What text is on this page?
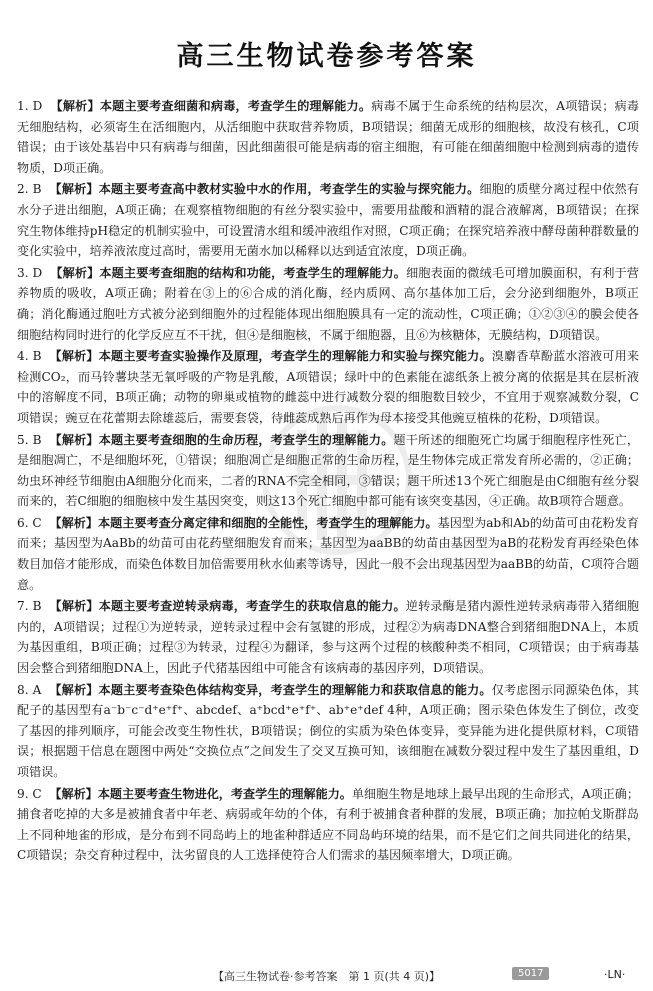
高三生物试卷参考答案

1. D 【解析】本题主要考查细菌和病毒，考查学生的理解能力。病毒不属于生命系统的结构层次，A项错误；病毒无细胞结构，必须寄生在活细胞内，从活细胞中获取营养物质，B项错误；细菌无成形的细胞核，故没有核孔，C项错误；由于该处基岩中只有病毒与细菌，因此细菌很可能是病毒的宿主细胞，有可能在细菌细胞中检测到病毒的遗传物质，D项正确。

2. B 【解析】本题主要考查高中教材实验中水的作用，考查学生的实验与探究能力。细胞的质壁分离过程中依然有水分子进出细胞，A项正确；在观察植物细胞的有丝分裂实验中，需要用盐酸和酒精的混合液解离，B项错误；在探究生物体维持pH稳定的机制实验中，可设置清水组和缓冲液组作对照，C项正确；在探究培养液中酵母菌种群数量的变化实验中，培养液浓度过高时，需要用无菌水加以稀释以达到适宜浓度，D项正确。

3. D 【解析】本题主要考查细胞的结构和功能，考查学生的理解能力。细胞表面的微绒毛可增加膜面积，有利于营养物质的吸收，A项正确；附着在③上的⑥合成的消化酶，经内质网、高尔基体加工后，会分泌到细胞外，B项正确；消化酶通过胞吐方式被分泌到细胞外的过程能体现出细胞膜具有一定的流动性，C项正确；①②③④的膜会使各细胞结构同时进行的化学反应互不干扰，但④是细胞核，不属于细胞器，且⑥为核糖体，无膜结构，D项错误。

4. B 【解析】本题主要考查实验操作及原理，考查学生的理解能力和实验与探究能力。溴麝香草酚蓝水溶液可用来检测CO₂，而马铃薯块茎无氧呼吸的产物是乳酸，A项错误；绿叶中的色素能在滤纸条上被分离的依据是其在层析液中的溶解度不同，B项正确；动物的卵巢或植物的雌蕊中进行减数分裂的细胞数目较少，不宜用于观察减数分裂，C项错误；豌豆在花蕾期去除雄蕊后，需要套袋，待雌蕊成熟后再作为母本接受其他豌豆植株的花粉，D项错误。

5. B 【解析】本题主要考查细胞的生命历程，考查学生的理解能力。题干所述的细胞死亡均属于细胞程序性死亡，是细胞凋亡，不是细胞坏死，①错误；细胞凋亡是细胞正常的生命历程，是生物体完成正常发育所必需的，②正确；幼虫环神经节细胞由A细胞分化而来，二者的RNA不完全相同，③错误；题干所述13个死亡细胞是由C细胞有丝分裂而来的，若C细胞的细胞核中发生基因突变，则这13个死亡细胞中都可能有该突变基因，④正确。故B项符合题意。

6. C 【解析】本题主要考查分离定律和细胞的全能性，考查学生的理解能力。基因型为ab和Ab的幼苗可由花粉发育而来；基因型为AaBb的幼苗可由花药壁细胞发育而来；基因型为aaBB的幼苗由基因型为aB的花粉发育再经染色体数目加倍才能形成，而染色体数目加倍需要用秋水仙素等诱导，因此一般不会出现基因型为aaBB的幼苗，C项符合题意。

7. B 【解析】本题主要考查逆转录病毒，考查学生的获取信息的能力。逆转录酶是猪内源性逆转录病毒带入猪细胞内的，A项错误；过程①为逆转录，逆转录过程中会有氢键的形成，过程②为病毒DNA整合到猪细胞DNA上，本质为基因重组，B项正确；过程③为转录，过程④为翻译，参与这两个过程的核酸种类不相同，C项错误；由于病毒基因会整合到猪细胞DNA上，因此子代猪基因组中可能含有该病毒的基因序列，D项错误。

8. A 【解析】本题主要考查染色体结构变异，考查学生的理解能力和获取信息的能力。仅考虑图示同源染色体，其配子的基因型有a⁻b⁻c⁻d⁺e⁺f⁺、abcdef、a⁺bcd⁺e⁺f⁺、ab⁺e⁺def 4种，A项正确；图示染色体发生了倒位，改变了基因的排列顺序，可能会改变生物性状，B项错误；倒位的实质为染色体变异，变异能为进化提供原材料，C项错误；根据题干信息在题图中两处“交换位点”之间发生了交叉互换可知，该细胞在减数分裂过程中发生了基因重组，D项错误。

9. C 【解析】本题主要考查生物进化，考查学生的理解能力。单细胞生物是地球上最早出现的生命形式，A项正确；捕食者吃掉的大多是被捕食者中年老、病弱或年幼的个体，有利于被捕食者种群的发展，B项正确；加拉帕戈斯群岛上不同种地雀的形成，是分布到不同岛屿上的地雀种群适应不同岛屿环境的结果，而不是它们之间共同进化的结果，C项错误；杂交育种过程中，汰劣留良的人工选择使符合人们需求的基因频率增大，D项正确。

【高三生物试卷·参考答案　第 1 页(共 4 页)】	5017	·LN·
